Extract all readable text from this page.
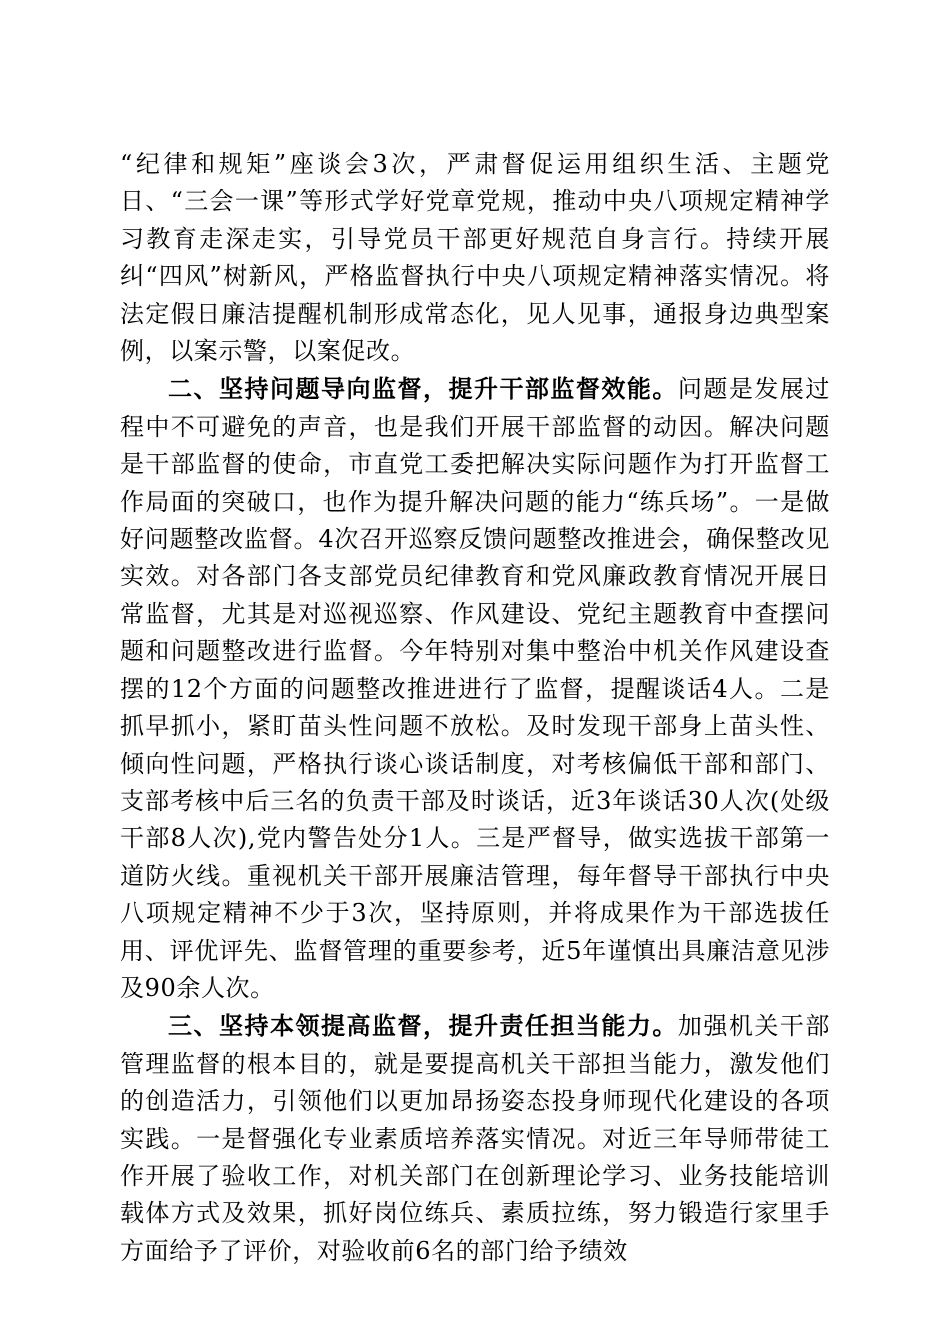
“纪律和规矩”座谈会3次，严肃督促运用组织生活、主题党日、“三会一课”等形式学好党章党规，推动中央八项规定精神学习教育走深走实，引导党员干部更好规范自身言行。持续开展纠“四风”树新风，严格监督执行中央八项规定精神落实情况。将法定假日廉洁提醒机制形成常态化，见人见事，通报身边典型案例，以案示警，以案促改。

二、坚持问题导向监督，提升干部监督效能。问题是发展过程中不可避免的声音，也是我们开展干部监督的动因。解决问题是干部监督的使命，市直党工委把解决实际问题作为打开监督工作局面的突破口，也作为提升解决问题的能力“练兵场”。一是做好问题整改监督。4次召开巡察反馈问题整改推进会，确保整改见实效。对各部门各支部党员纪律教育和党风廉政教育情况开展日常监督，尤其是对巡视巡察、作风建设、党纪主题教育中查摆问题和问题整改进行监督。今年特别对集中整治中机关作风建设查摆的12个方面的问题整改推进进行了监督，提醒谈话4人。二是抓早抓小，紧盯苗头性问题不放松。及时发现干部身上苗头性、倾向性问题，严格执行谈心谈话制度，对考核偏低干部和部门、支部考核中后三名的负责干部及时谈话，近3年谈话30人次(处级干部8人次),党内警告处分1人。三是严督导，做实选拔干部第一道防火线。重视机关干部开展廉洁管理，每年督导干部执行中央八项规定精神不少于3次，坚持原则，并将成果作为干部选拔任用、评优评先、监督管理的重要参考，近5年谨慎出具廉洁意见涉及90余人次。

三、坚持本领提高监督，提升责任担当能力。加强机关干部管理监督的根本目的，就是要提高机关干部担当能力，激发他们的创造活力，引领他们以更加昂扬姿态投身师现代化建设的各项实践。一是督强化专业素质培养落实情况。对近三年导师带徒工作开展了验收工作，对机关部门在创新理论学习、业务技能培训载体方式及效果，抓好岗位练兵、素质拉练，努力锻造行家里手方面给予了评价，对验收前6名的部门给予绩效
